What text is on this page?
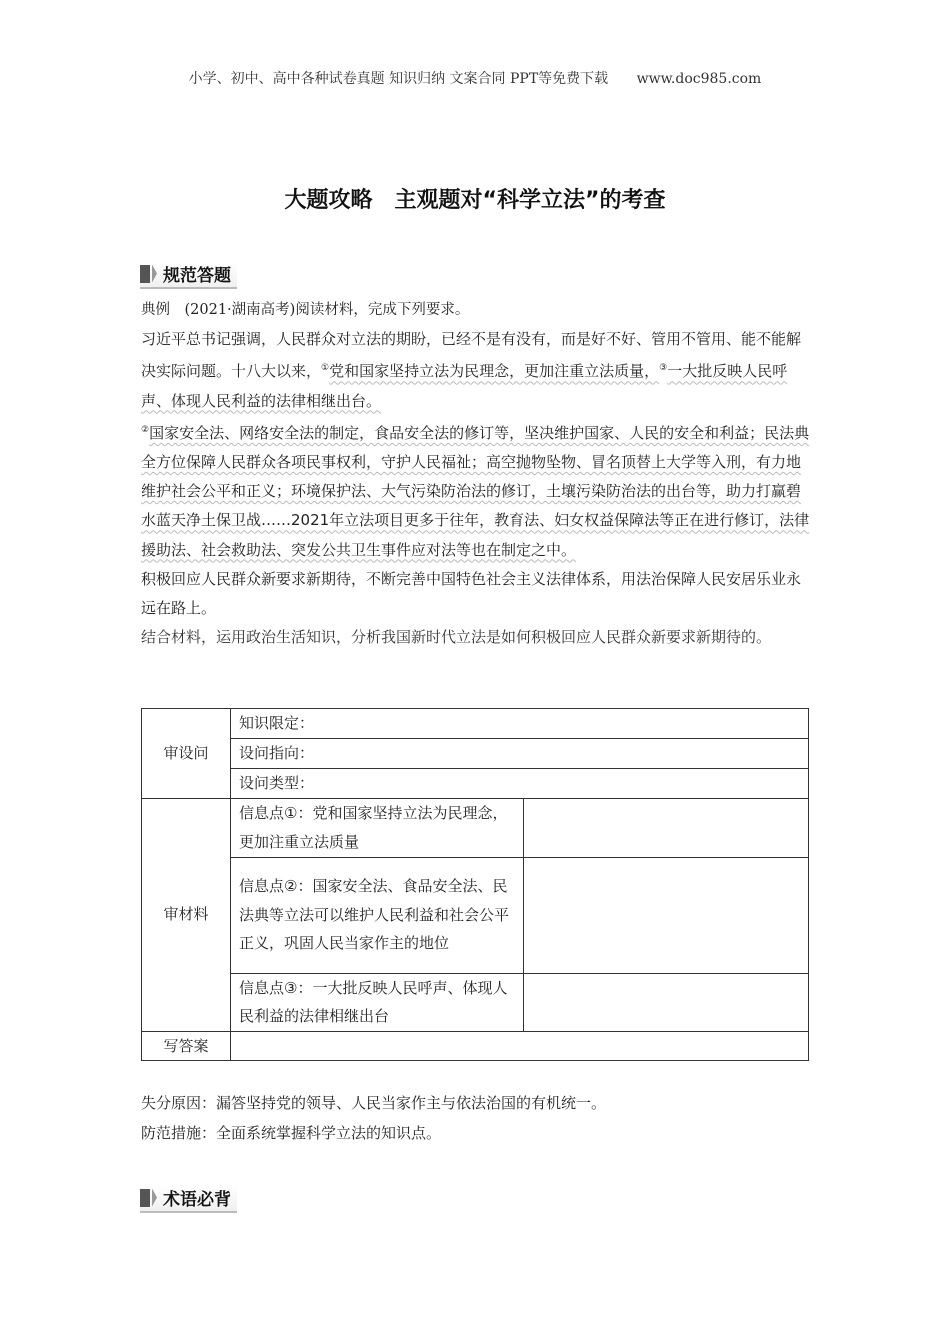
小学、初中、高中各种试卷真题 知识归纳 文案合同 PPT等免费下载 www.doc985.com
大题攻略　主观题对“科学立法”的考查
规范答题

典例　(2021·湖南高考)阅读材料，完成下列要求。

习近平总书记强调，人民群众对立法的期盼，已经不是有没有，而是好不好、管用不管用、能不能解决实际问题。十八大以来，①党和国家坚持立法为民理念，更加注重立法质量，③一大批反映人民呼声、体现人民利益的法律相继出台。

②国家安全法、网络安全法的制定，食品安全法的修订等，坚决维护国家、人民的安全和利益；民法典全方位保障人民群众各项民事权利，守护人民福祉；高空抛物坠物、冒名顶替上大学等入刑，有力地维护社会公平和正义；环境保护法、大气污染防治法的修订，土壤污染防治法的出台等，助力打赢碧水蓝天净土保卫战……2021年立法项目更多于往年，教育法、妇女权益保障法等正在进行修订，法律援助法、社会救助法、突发公共卫生事件应对法等也在制定之中。

积极回应人民群众新要求新期待，不断完善中国特色社会主义法律体系，用法治保障人民安居乐业永远在路上。

结合材料，运用政治生活知识，分析我国新时代立法是如何积极回应人民群众新要求新期待的。

审设问	知识限定：	
	设问指向：	
	设问类型：	
审材料	信息点①：党和国家坚持立法为民理念，更加注重立法质量	
	信息点②：国家安全法、食品安全法、民法典等立法可以维护人民利益和社会公平正义，巩固人民当家作主的地位	
	信息点③：一大批反映人民呼声、体现人民利益的法律相继出台	
写答案		
失分原因：漏答坚持党的领导、人民当家作主与依法治国的有机统一。
防范措施：全面系统掌握科学立法的知识点。
术语必背
